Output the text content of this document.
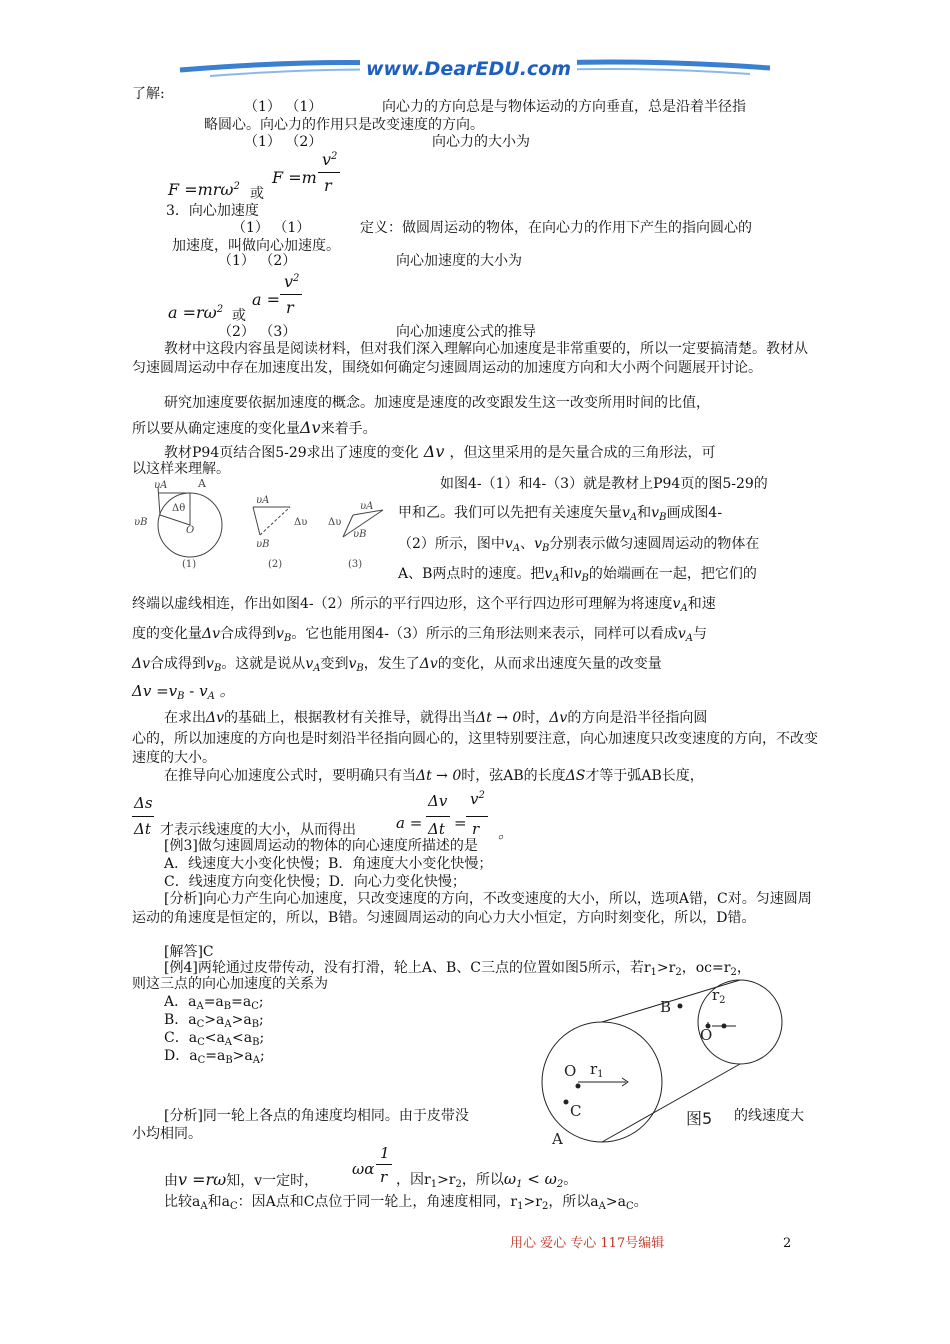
www.DearEDU.com
了解:
（1） （1）	向心力的方向总是与物体运动的方向垂直，总是沿着半径指
略圆心。向心力的作用只是改变速度的方向。
（1） （2）	向心力的大小为
F =mrω$^2$ 或
F =m
$v^2$
r
3．向心加速度
（1） （1）	定义：做圆周运动的物体，在向心力的作用下产生的指向圆心的
加速度，叫做向心加速度。
（1） （2）	向心加速度的大小为
$a =r\omega^2$ 或
a =
$v^2$
r
（2） （3）	向心加速度公式的推导
教材中这段内容虽是阅读材料，但对我们深入理解向心加速度是非常重要的，所以一定要搞清楚。教材从匀速圆周运动中存在加速度出发，围绕如何确定匀速圆周运动的加速度方向和大小两个问题展开讨论。
研究加速度要依据加速度的概念。加速度是速度的改变跟发生这一改变所用时间的比值，
所以要从确定速度的变化量Δv来着手。
教材P94页结合图5-29求出了速度的变化 Δv ，但这里采用的是矢量合成的三角形法，可
以这样来理解。
υA	A
Δθ
υB
O
υA
Δυ
υB
υA
Δυ
υB
(1)	(2)	(3)
如图4-（1）和4-（3）就是教材上P94页的图5-29的
甲和乙。我们可以先把有关速度矢量$v_A$和$v_B$画成图4-
（2）所示，图中$v_A$、$v_B$分别表示做匀速圆周运动的物体在
A、B两点时的速度。把$v_A$和$v_B$的始端画在一起，把它们的
终端以虚线相连，作出如图4-（2）所示的平行四边形，这个平行四边形可理解为将速度$v_A$和速
度的变化量Δv合成得到$v_B$。它也能用图4-（3）所示的三角形法则来表示，同样可以看成$v_A$与
Δv合成得到$v_B$。这就是说从$v_A$变到$v_B$，发生了Δv的变化，从而求出速度矢量的改变量
$\Delta v =v_B - v_A$ 。
在求出Δv的基础上，根据教材有关推导，就得出当Δt → 0时，Δv的方向是沿半径指向圆
心的，所以加速度的方向也是时刻沿半径指向圆心的，这里特别要注意，向心加速度只改变速度的方向，不改变速度的大小。
在推导向心加速度公式时，要明确只有当Δt → 0时，弦AB的长度ΔS才等于弧AB长度，
Δs
Δt 才表示线速度的大小，从而得出	a =
Δv
Δt =
$v^2$
r 。
[例3]做匀速圆周运动的物体的向心速度所描述的是
A．线速度大小变化快慢；B．角速度大小变化快慢；
C．线速度方向变化快慢；D．向心力变化快慢；
[分析]向心力产生向心加速度，只改变速度的方向，不改变速度的大小，所以，选项A错，C对。匀速圆周运动的角速度是恒定的，所以，B错。匀速圆周运动的向心力大小恒定，方向时刻变化，所以，D错。
[解答]C
[例4]两轮通过皮带传动，没有打滑，轮上A、B、C三点的位置如图5所示，若$r_1>r_2$，$oc=r_2$，
则这三点的向心加速度的关系为
A．$a_A=a_B=a_C$;
B．$a_C>a_A>a_B$;
C．$a_C<a_A<a_B$;
D．$a_C=a_B>a_A$;
B
$r_2$
O
O $r_1$
C
A
图5
[分析]同一轮上各点的角速度均相同。由于皮带没	的线速度大
小均相同。
由v =rω知，v一定时，
ωα
1
r ，因$r_1>r_2$，所以$\omega_1 < \omega_2$。
比较$a_A$和$a_C$：因A点和C点位于同一轮上，角速度相同，$r_1>r_2$，所以$a_A>a_C$。
用心 爱心 专心 117号编辑	2
